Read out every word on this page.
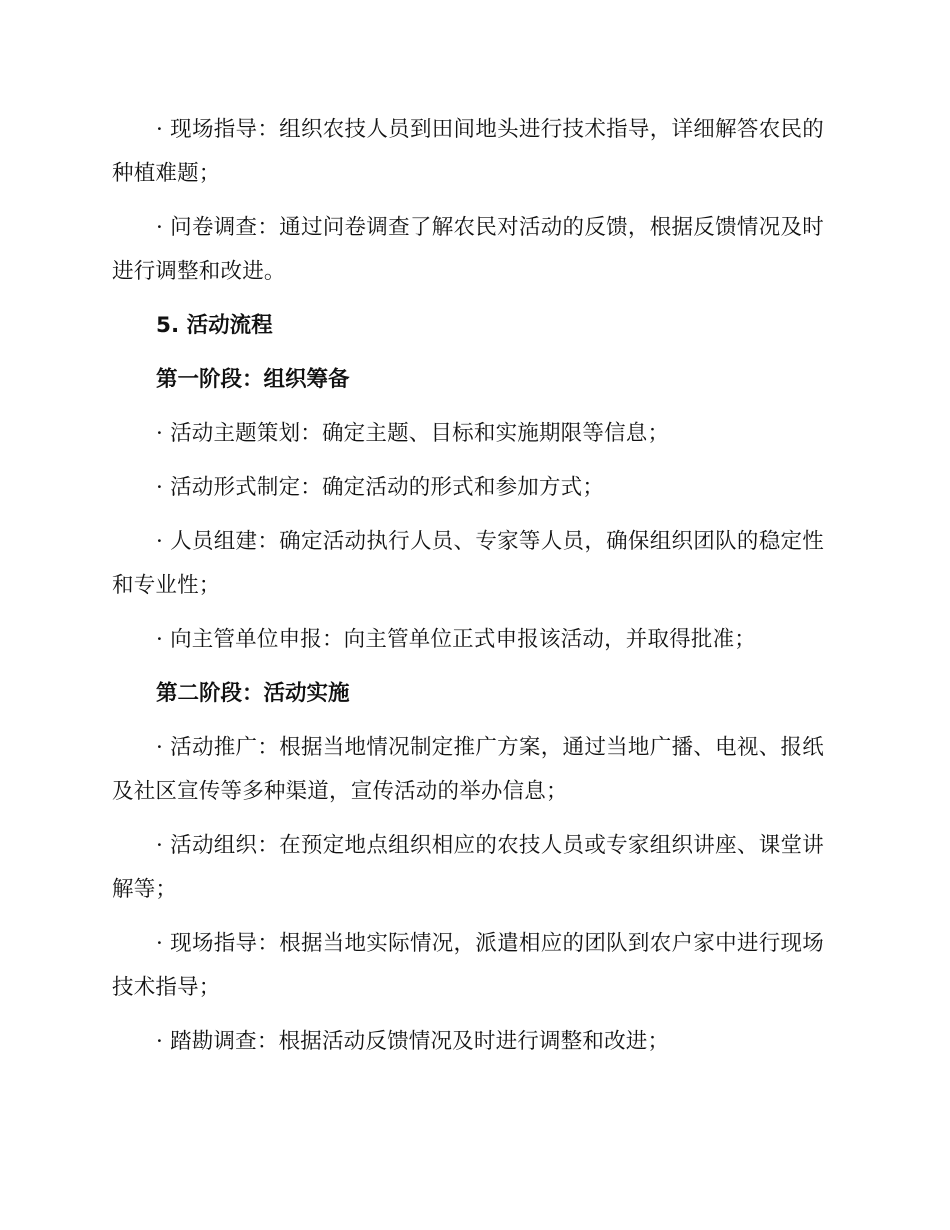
· 现场指导：组织农技人员到田间地头进行技术指导，详细解答农民的种植难题；

· 问卷调查：通过问卷调查了解农民对活动的反馈，根据反馈情况及时进行调整和改进。

5. 活动流程

第一阶段：组织筹备

· 活动主题策划：确定主题、目标和实施期限等信息；

· 活动形式制定：确定活动的形式和参加方式；

· 人员组建：确定活动执行人员、专家等人员，确保组织团队的稳定性和专业性；

· 向主管单位申报：向主管单位正式申报该活动，并取得批准；

第二阶段：活动实施

· 活动推广：根据当地情况制定推广方案，通过当地广播、电视、报纸及社区宣传等多种渠道，宣传活动的举办信息；

· 活动组织：在预定地点组织相应的农技人员或专家组织讲座、课堂讲解等；

· 现场指导：根据当地实际情况，派遣相应的团队到农户家中进行现场技术指导；

· 踏勘调查：根据活动反馈情况及时进行调整和改进；
